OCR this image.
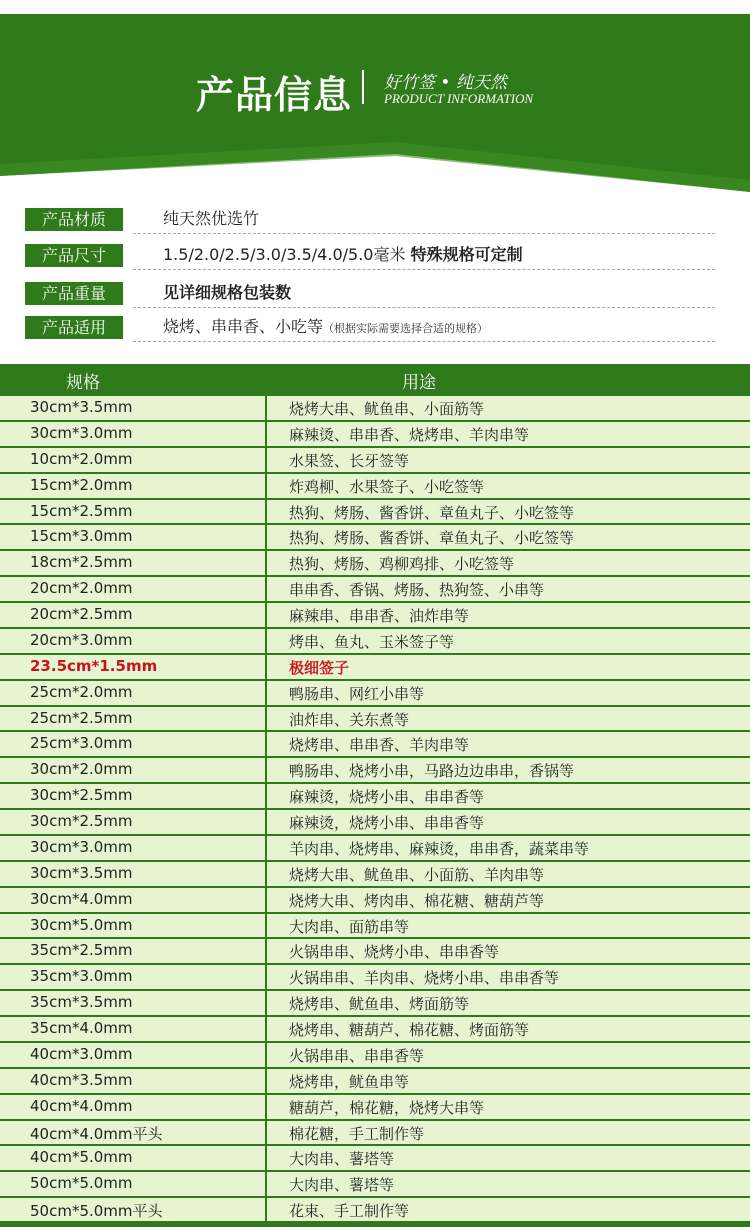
产品信息 好竹签 • 纯天然
PRODUCT INFORMATION
产品材质	纯天然优选竹
产品尺寸	1.5/2.0/2.5/3.0/3.5/4.0/5.0毫米 特殊规格可定制
产品重量	见详细规格包装数
产品适用	烧烤、串串香、小吃等（根据实际需要选择合适的规格）
规格	用途
30cm*3.5mm	烧烤大串、鱿鱼串、小面筋等
30cm*3.0mm	麻辣烫、串串香、烧烤串、羊肉串等
10cm*2.0mm	水果签、长牙签等
15cm*2.0mm	炸鸡柳、水果签子、小吃签等
15cm*2.5mm	热狗、烤肠、酱香饼、章鱼丸子、小吃签等
15cm*3.0mm	热狗、烤肠、酱香饼、章鱼丸子、小吃签等
18cm*2.5mm	热狗、烤肠、鸡柳鸡排、小吃签等
20cm*2.0mm	串串香、香锅、烤肠、热狗签、小串等
20cm*2.5mm	麻辣串、串串香、油炸串等
20cm*3.0mm	烤串、鱼丸、玉米签子等
23.5cm*1.5mm	极细签子
25cm*2.0mm	鸭肠串、网红小串等
25cm*2.5mm	油炸串、关东煮等
25cm*3.0mm	烧烤串、串串香、羊肉串等
30cm*2.0mm	鸭肠串、烧烤小串，马路边边串串，香锅等
30cm*2.5mm	麻辣烫，烧烤小串、串串香等
30cm*2.5mm	麻辣烫，烧烤小串、串串香等
30cm*3.0mm	羊肉串、烧烤串、麻辣烫，串串香，蔬菜串等
30cm*3.5mm	烧烤大串、鱿鱼串、小面筋、羊肉串等
30cm*4.0mm	烧烤大串、烤肉串、棉花糖、糖葫芦等
30cm*5.0mm	大肉串、面筋串等
35cm*2.5mm	火锅串串、烧烤小串、串串香等
35cm*3.0mm	火锅串串、羊肉串、烧烤小串、串串香等
35cm*3.5mm	烧烤串、鱿鱼串、烤面筋等
35cm*4.0mm	烧烤串、糖葫芦、棉花糖、烤面筋等
40cm*3.0mm	火锅串串、串串香等
40cm*3.5mm	烧烤串，鱿鱼串等
40cm*4.0mm	糖葫芦，棉花糖，烧烤大串等
40cm*4.0mm平头	棉花糖，手工制作等
40cm*5.0mm	大肉串、薯塔等
50cm*5.0mm	大肉串、薯塔等
50cm*5.0mm平头	花束、手工制作等
